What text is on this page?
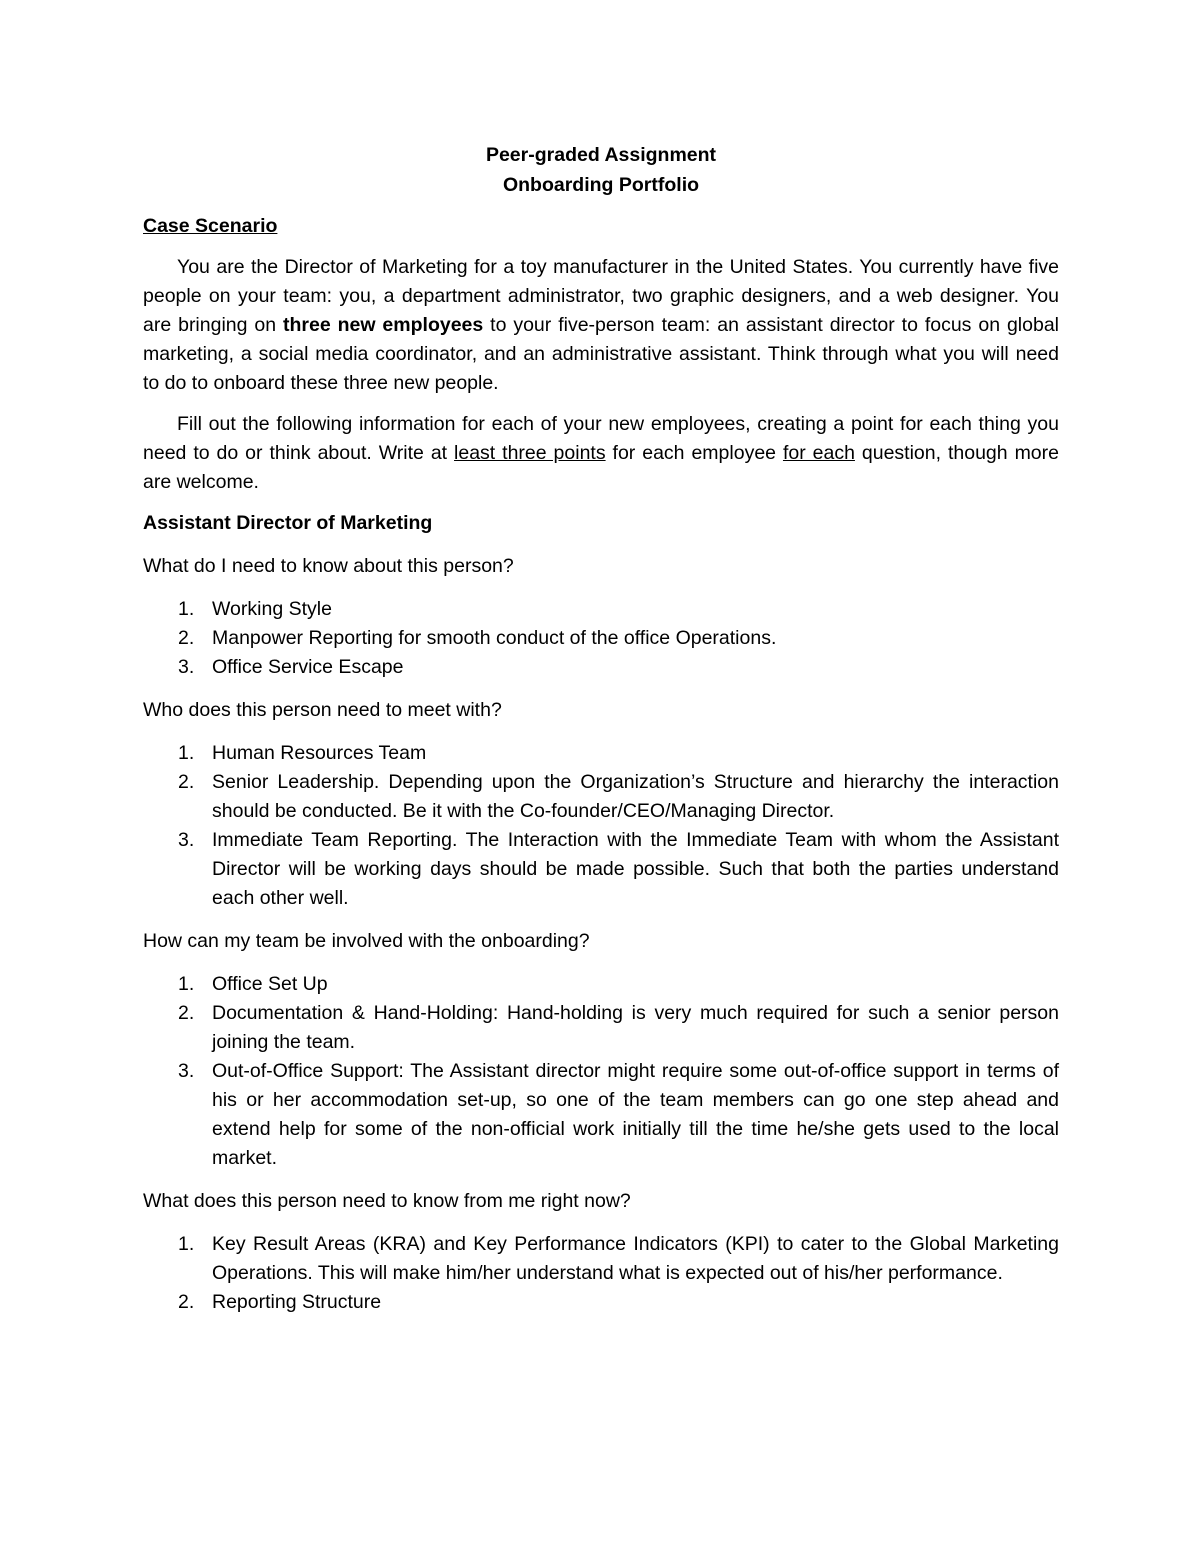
Peer-graded Assignment

Onboarding Portfolio

Case Scenario

You are the Director of Marketing for a toy manufacturer in the United States. You currently have five people on your team: you, a department administrator, two graphic designers, and a web designer. You are bringing on three new employees to your five-person team: an assistant director to focus on global marketing, a social media coordinator, and an administrative assistant. Think through what you will need to do to onboard these three new people.

Fill out the following information for each of your new employees, creating a point for each thing you need to do or think about. Write at least three points for each employee for each question, though more are welcome.

Assistant Director of Marketing

What do I need to know about this person?

1. Working Style
2. Manpower Reporting for smooth conduct of the office Operations.
3. Office Service Escape

Who does this person need to meet with?

1. Human Resources Team
2. Senior Leadership. Depending upon the Organization’s Structure and hierarchy the interaction should be conducted. Be it with the Co-founder/CEO/Managing Director.
3. Immediate Team Reporting. The Interaction with the Immediate Team with whom the Assistant Director will be working days should be made possible. Such that both the parties understand each other well.

How can my team be involved with the onboarding?

1. Office Set Up
2. Documentation & Hand-Holding: Hand-holding is very much required for such a senior person joining the team.
3. Out-of-Office Support: The Assistant director might require some out-of-office support in terms of his or her accommodation set-up, so one of the team members can go one step ahead and extend help for some of the non-official work initially till the time he/she gets used to the local market.

What does this person need to know from me right now?

1. Key Result Areas (KRA) and Key Performance Indicators (KPI) to cater to the Global Marketing Operations. This will make him/her understand what is expected out of his/her performance.
2. Reporting Structure
